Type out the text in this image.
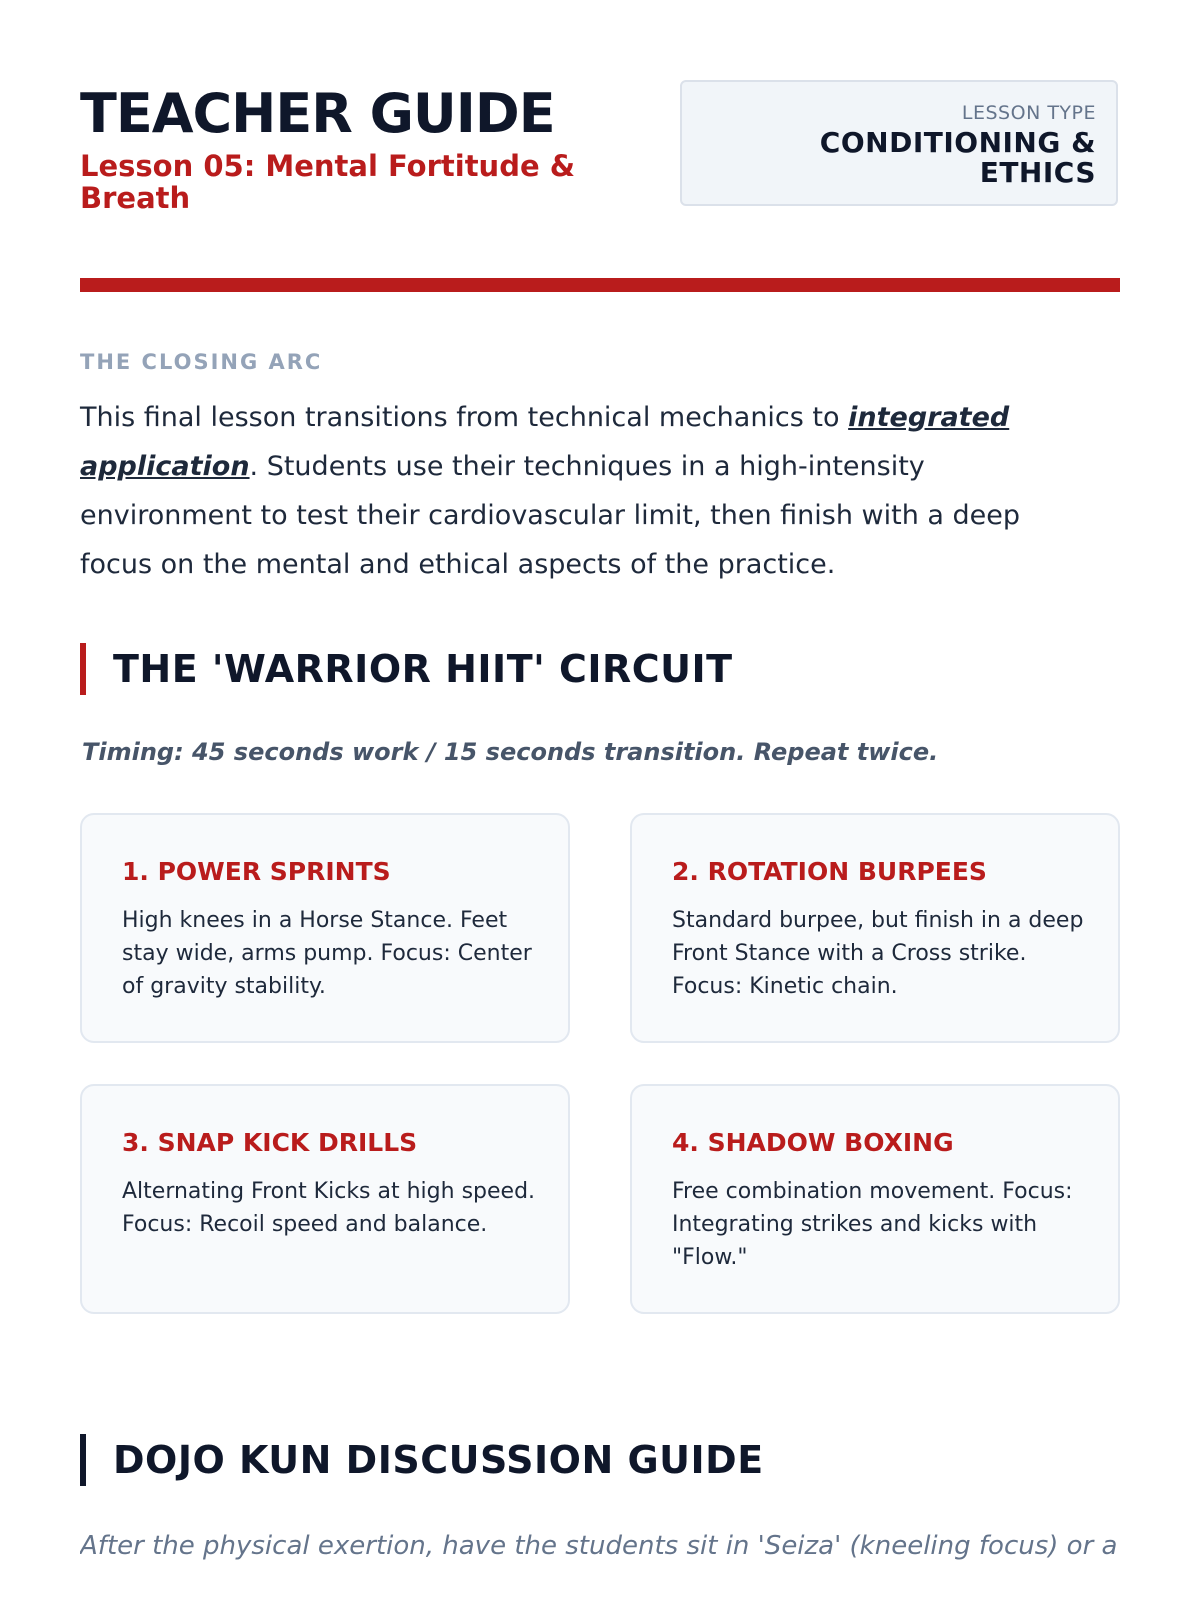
TEACHER GUIDE
Lesson 05: Mental Fortitude & Breath
LESSON TYPE
CONDITIONING & ETHICS
THE CLOSING ARC
This final lesson transitions from technical mechanics to integrated application. Students use their techniques in a high-intensity environment to test their cardiovascular limit, then finish with a deep focus on the mental and ethical aspects of the practice.
THE 'WARRIOR HIIT' CIRCUIT
Timing: 45 seconds work / 15 seconds transition. Repeat twice.
1. POWER SPRINTS
High knees in a Horse Stance. Feet stay wide, arms pump. Focus: Center of gravity stability.
2. ROTATION BURPEES
Standard burpee, but finish in a deep Front Stance with a Cross strike. Focus: Kinetic chain.
3. SNAP KICK DRILLS
Alternating Front Kicks at high speed. Focus: Recoil speed and balance.
4. SHADOW BOXING
Free combination movement. Focus: Integrating strikes and kicks with "Flow."
DOJO KUN DISCUSSION GUIDE
After the physical exertion, have the students sit in 'Seiza' (kneeling focus) or a
